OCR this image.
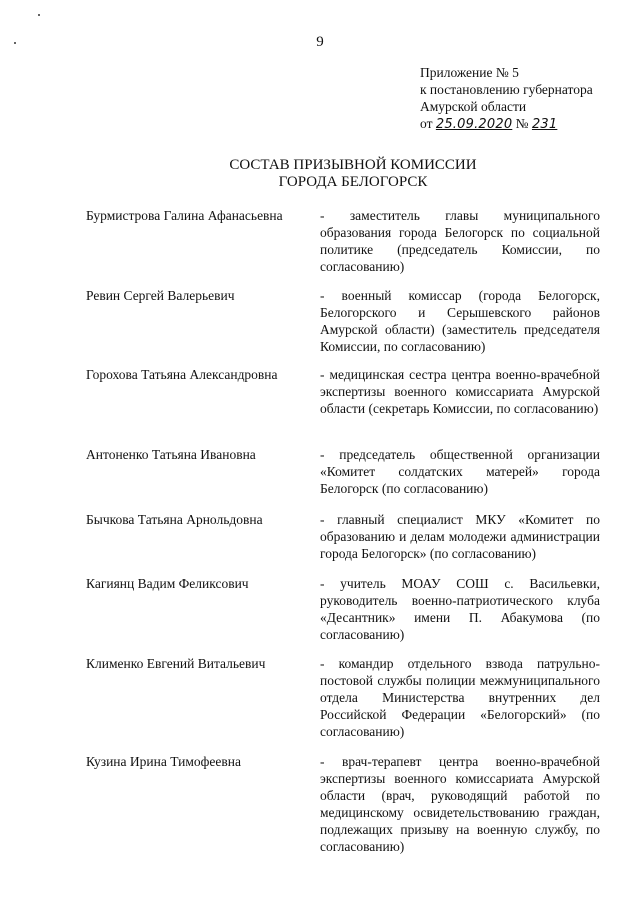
9
Приложение № 5
к постановлению губернатора
Амурской области
от 25.09.2020 № 231
СОСТАВ ПРИЗЫВНОЙ КОМИССИИ
ГОРОДА БЕЛОГОРСК
Бурмистрова Галина Афанасьевна	- заместитель главы муниципального образования города Белогорск по социальной политике (председатель Комиссии, по согласованию)
Ревин Сергей Валерьевич	- военный комиссар (города Белогорск, Белогорского и Серышевского районов Амурской области) (заместитель председателя Комиссии, по согласованию)
Горохова Татьяна Александровна	- медицинская сестра центра военно-врачебной экспертизы военного комиссариата Амурской области (секретарь Комиссии, по согласованию)
Антоненко Татьяна Ивановна	- председатель общественной организации «Комитет солдатских матерей» города Белогорск (по согласованию)
Бычкова Татьяна Арнольдовна	- главный специалист МКУ «Комитет по образованию и делам молодежи администрации города Белогорск» (по согласованию)
Кагиянц Вадим Феликсович	- учитель МОАУ СОШ с. Васильевки, руководитель военно-патриотического клуба «Десантник» имени П. Абакумова (по согласованию)
Клименко Евгений Витальевич	- командир отдельного взвода патрульно-постовой службы полиции межмуниципального отдела Министерства внутренних дел Российской Федерации «Белогорский» (по согласованию)
Кузина Ирина Тимофеевна	- врач-терапевт центра военно-врачебной экспертизы военного комиссариата Амурской области (врач, руководящий работой по медицинскому освидетельствованию граждан, подлежащих призыву на военную службу, по согласованию)
